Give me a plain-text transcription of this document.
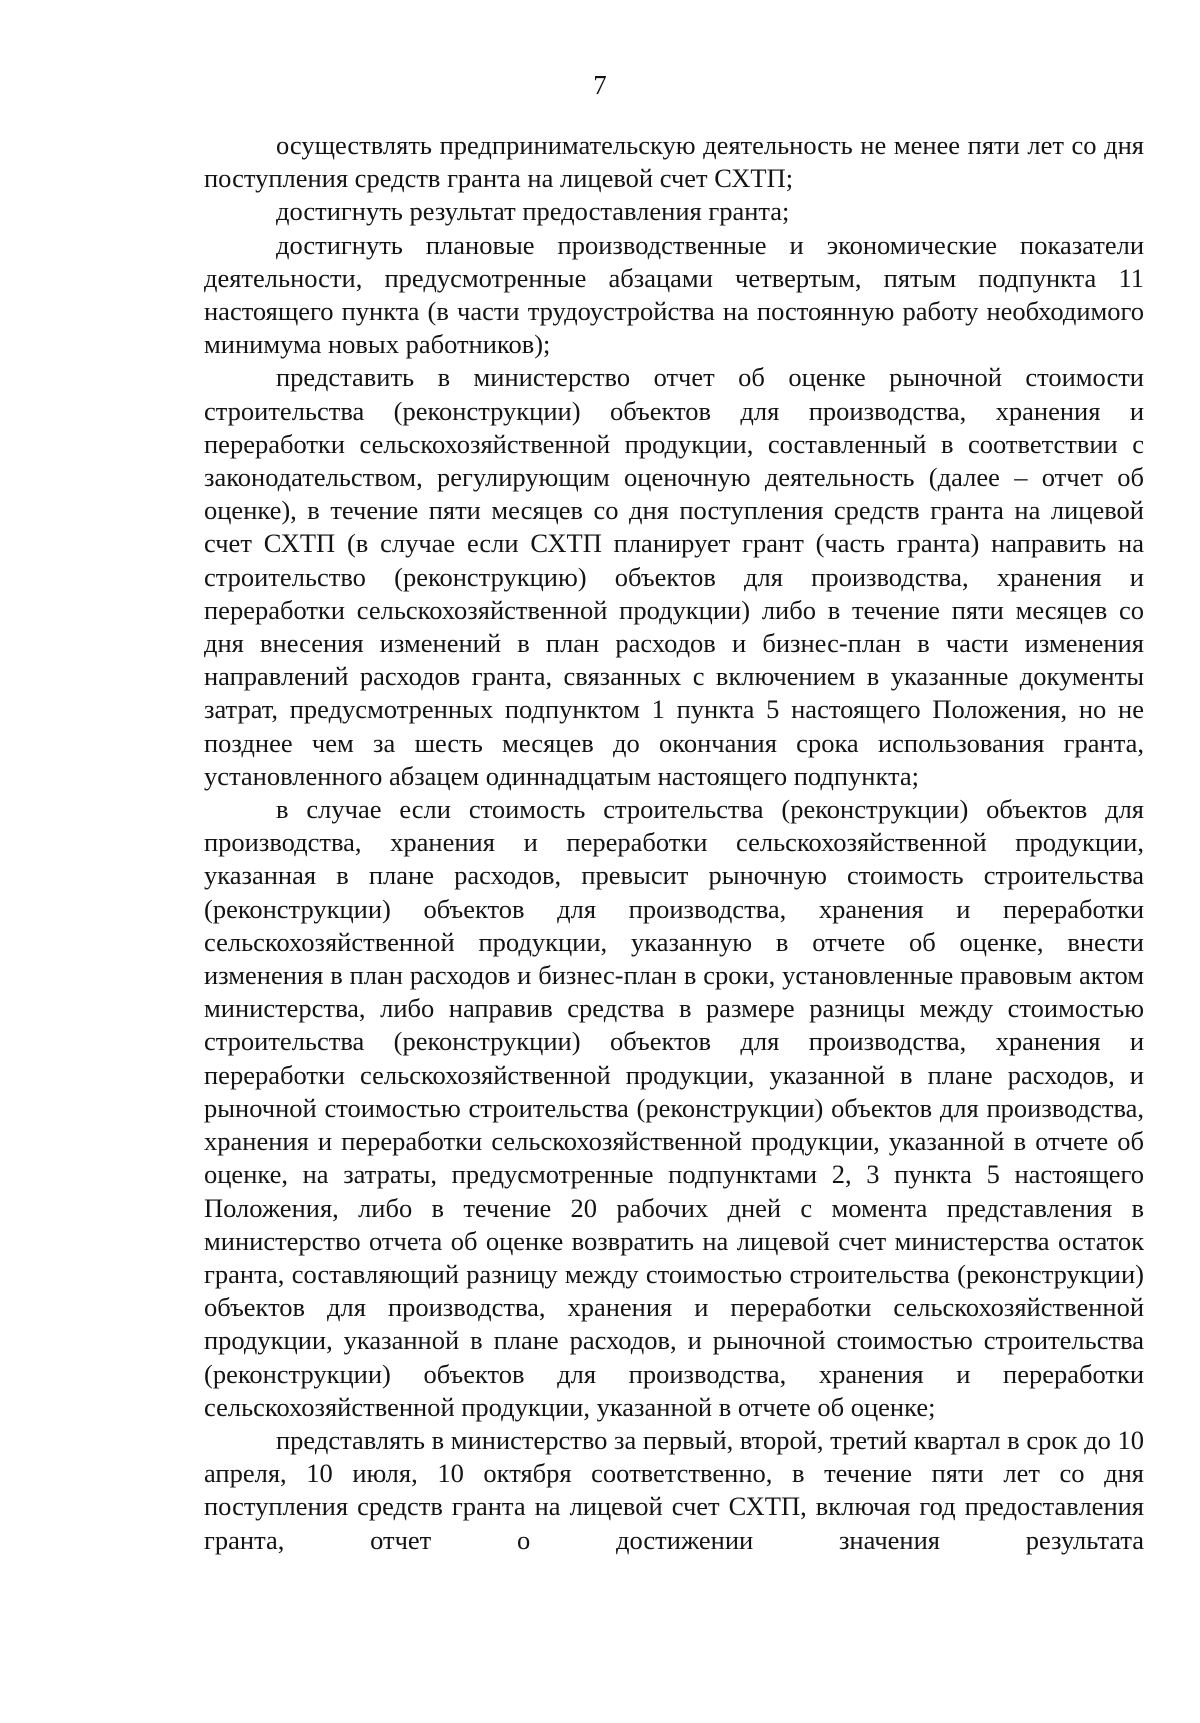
7

осуществлять предпринимательскую деятельность не менее пяти лет со дня поступления средств гранта на лицевой счет СХТП;

достигнуть результат предоставления гранта;

достигнуть плановые производственные и экономические показатели деятельности, предусмотренные абзацами четвертым, пятым подпункта 11 настоящего пункта (в части трудоустройства на постоянную работу необходимого минимума новых работников);

представить в министерство отчет об оценке рыночной стоимости строительства (реконструкции) объектов для производства, хранения и переработки сельскохозяйственной продукции, составленный в соответствии с законодательством, регулирующим оценочную деятельность (далее – отчет об оценке), в течение пяти месяцев со дня поступления средств гранта на лицевой счет СХТП (в случае если СХТП планирует грант (часть гранта) направить на строительство (реконструкцию) объектов для производства, хранения и переработки сельскохозяйственной продукции) либо в течение пяти месяцев со дня внесения изменений в план расходов и бизнес-план в части изменения направлений расходов гранта, связанных с включением в указанные документы затрат, предусмотренных подпунктом 1 пункта 5 настоящего Положения, но не позднее чем за шесть месяцев до окончания срока использования гранта, установленного абзацем одиннадцатым настоящего подпункта;

в случае если стоимость строительства (реконструкции) объектов для производства, хранения и переработки сельскохозяйственной продукции, указанная в плане расходов, превысит рыночную стоимость строительства (реконструкции) объектов для производства, хранения и переработки сельскохозяйственной продукции, указанную в отчете об оценке, внести изменения в план расходов и бизнес-план в сроки, установленные правовым актом министерства, либо направив средства в размере разницы между стоимостью строительства (реконструкции) объектов для производства, хранения и переработки сельскохозяйственной продукции, указанной в плане расходов, и рыночной стоимостью строительства (реконструкции) объектов для производства, хранения и переработки сельскохозяйственной продукции, указанной в отчете об оценке, на затраты, предусмотренные подпунктами 2, 3 пункта 5 настоящего Положения, либо в течение 20 рабочих дней с момента представления в министерство отчета об оценке возвратить на лицевой счет министерства остаток гранта, составляющий разницу между стоимостью строительства (реконструкции) объектов для производства, хранения и переработки сельскохозяйственной продукции, указанной в плане расходов, и рыночной стоимостью строительства (реконструкции) объектов для производства, хранения и переработки сельскохозяйственной продукции, указанной в отчете об оценке;

представлять в министерство за первый, второй, третий квартал в срок до 10 апреля, 10 июля, 10 октября соответственно, в течение пяти лет со дня поступления средств гранта на лицевой счет СХТП, включая год предоставления гранта, отчет о достижении значения результата
